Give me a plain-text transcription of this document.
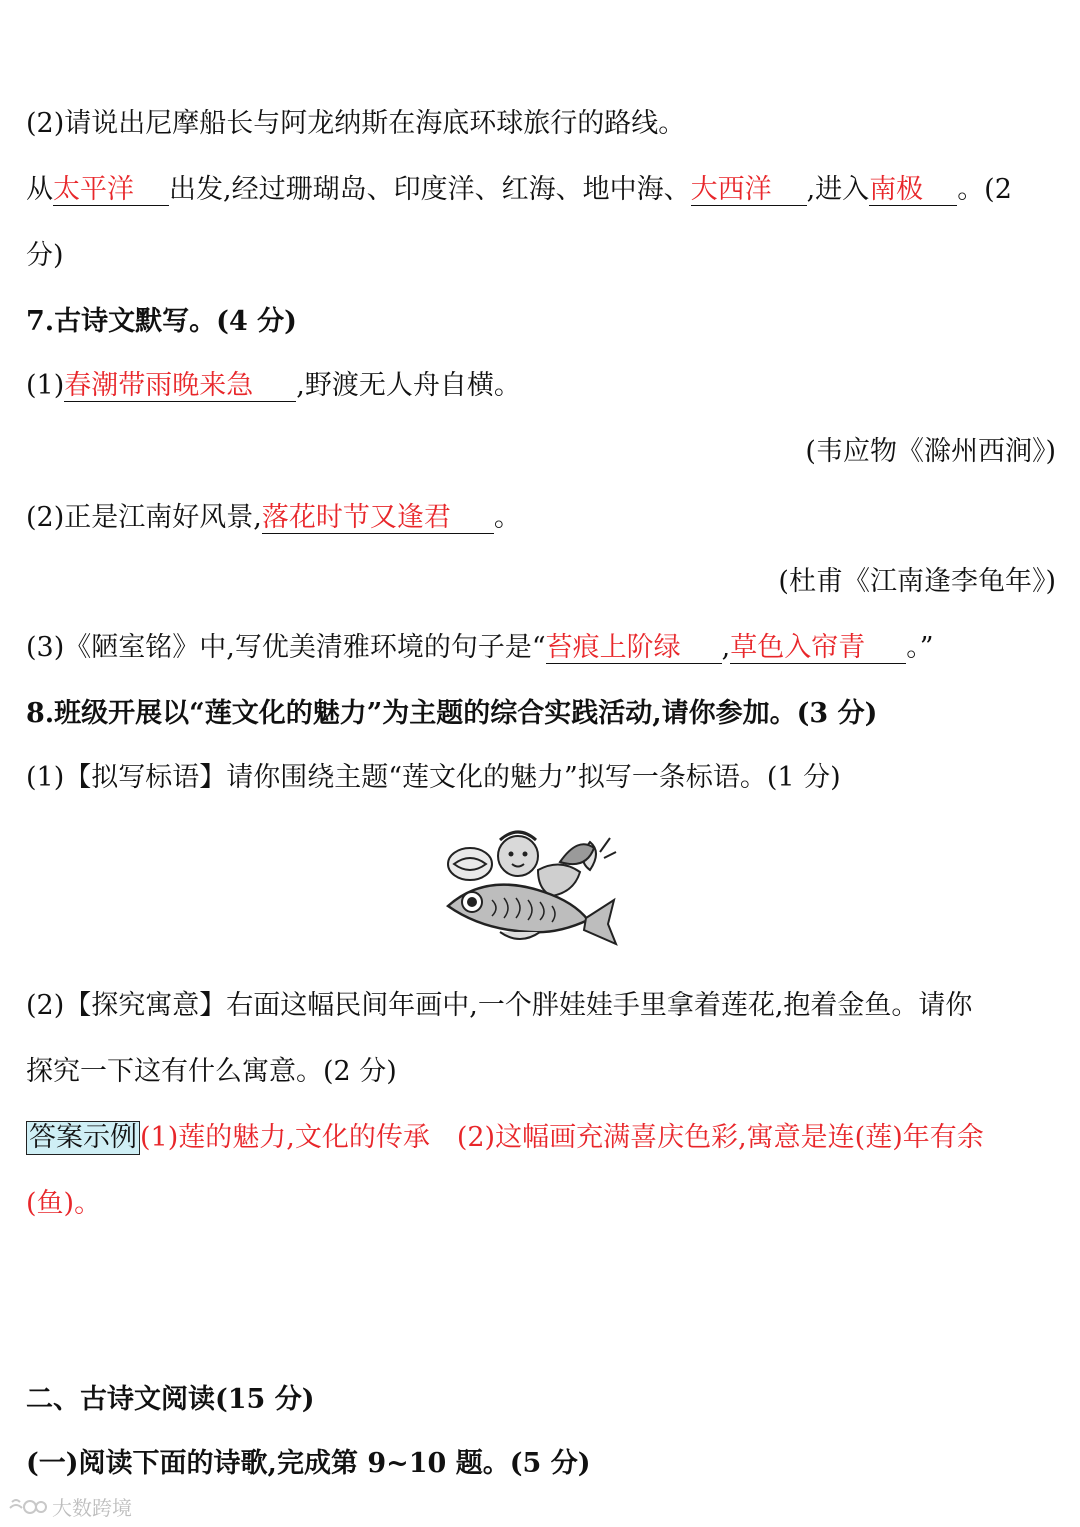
(2)请说出尼摩船长与阿龙纳斯在海底环球旅行的路线。
从太平洋 出发,经过珊瑚岛、印度洋、红海、地中海、大西洋 ,进入南极 。(2
分)
7.古诗文默写。(4 分)
(1)春潮带雨晚来急 ,野渡无人舟自横。
(韦应物《滁州西涧》)
(2)正是江南好风景,落花时节又逢君 。
(杜甫《江南逢李龟年》)
(3)《陋室铭》中,写优美清雅环境的句子是“苔痕上阶绿 ,草色入帘青 。”
8.班级开展以“莲文化的魅力”为主题的综合实践活动,请你参加。(3 分)
(1)【拟写标语】请你围绕主题“莲文化的魅力”拟写一条标语。(1 分)
(2)【探究寓意】右面这幅民间年画中,一个胖娃娃手里拿着莲花,抱着金鱼。请你
探究一下这有什么寓意。(2 分)
答案示例 (1)莲的魅力,文化的传承　(2)这幅画充满喜庆色彩,寓意是连(莲)年有余
(鱼)。
二、古诗文阅读(15 分)
(一)阅读下面的诗歌,完成第 9~10 题。(5 分)
大数跨境
